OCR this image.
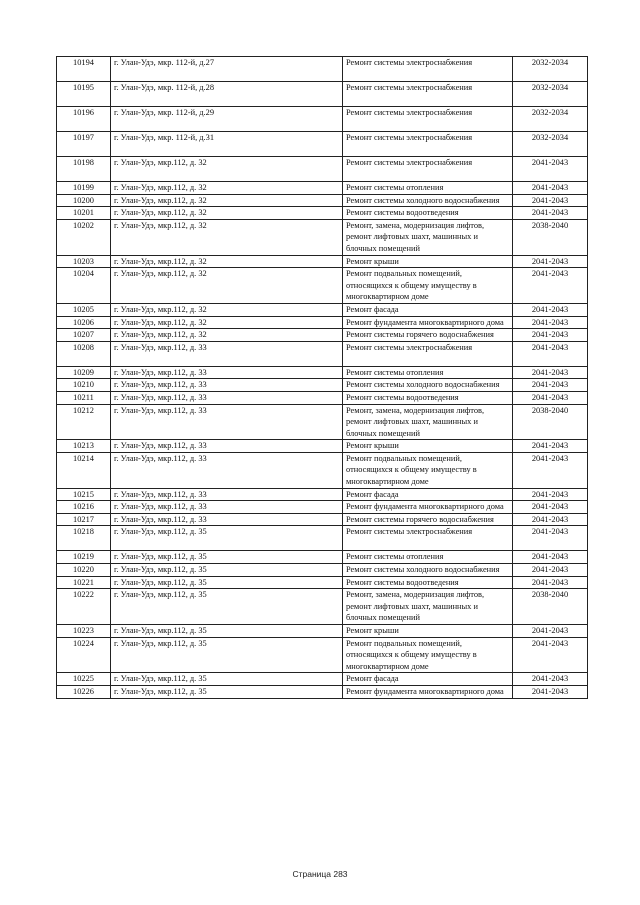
10194	г. Улан-Удэ, мкр. 112-й, д.27	Ремонт системы электроснабжения	2032-2034
10195	г. Улан-Удэ, мкр. 112-й, д.28	Ремонт системы электроснабжения	2032-2034
10196	г. Улан-Удэ, мкр. 112-й, д.29	Ремонт системы электроснабжения	2032-2034
10197	г. Улан-Удэ, мкр. 112-й, д.31	Ремонт системы электроснабжения	2032-2034
10198	г. Улан-Удэ, мкр.112, д. 32	Ремонт системы электроснабжения	2041-2043
10199	г. Улан-Удэ, мкр.112, д. 32	Ремонт системы отопления	2041-2043
10200	г. Улан-Удэ, мкр.112, д. 32	Ремонт системы холодного водоснабжения	2041-2043
10201	г. Улан-Удэ, мкр.112, д. 32	Ремонт системы водоотведения	2041-2043
10202	г. Улан-Удэ, мкр.112, д. 32	Ремонт, замена, модернизация лифтов, ремонт лифтовых шахт, машинных и блочных помещений	2038-2040
10203	г. Улан-Удэ, мкр.112, д. 32	Ремонт крыши	2041-2043
10204	г. Улан-Удэ, мкр.112, д. 32	Ремонт подвальных помещений, относящихся к общему имуществу в многоквартирном доме	2041-2043
10205	г. Улан-Удэ, мкр.112, д. 32	Ремонт фасада	2041-2043
10206	г. Улан-Удэ, мкр.112, д. 32	Ремонт фундамента многоквартирного дома	2041-2043
10207	г. Улан-Удэ, мкр.112, д. 32	Ремонт системы горячего водоснабжения	2041-2043
10208	г. Улан-Удэ, мкр.112, д. 33	Ремонт системы электроснабжения	2041-2043
10209	г. Улан-Удэ, мкр.112, д. 33	Ремонт системы отопления	2041-2043
10210	г. Улан-Удэ, мкр.112, д. 33	Ремонт системы холодного водоснабжения	2041-2043
10211	г. Улан-Удэ, мкр.112, д. 33	Ремонт системы водоотведения	2041-2043
10212	г. Улан-Удэ, мкр.112, д. 33	Ремонт, замена, модернизация лифтов, ремонт лифтовых шахт, машинных и блочных помещений	2038-2040
10213	г. Улан-Удэ, мкр.112, д. 33	Ремонт крыши	2041-2043
10214	г. Улан-Удэ, мкр.112, д. 33	Ремонт подвальных помещений, относящихся к общему имуществу в многоквартирном доме	2041-2043
10215	г. Улан-Удэ, мкр.112, д. 33	Ремонт фасада	2041-2043
10216	г. Улан-Удэ, мкр.112, д. 33	Ремонт фундамента многоквартирного дома	2041-2043
10217	г. Улан-Удэ, мкр.112, д. 33	Ремонт системы горячего водоснабжения	2041-2043
10218	г. Улан-Удэ, мкр.112, д. 35	Ремонт системы электроснабжения	2041-2043
10219	г. Улан-Удэ, мкр.112, д. 35	Ремонт системы отопления	2041-2043
10220	г. Улан-Удэ, мкр.112, д. 35	Ремонт системы холодного водоснабжения	2041-2043
10221	г. Улан-Удэ, мкр.112, д. 35	Ремонт системы водоотведения	2041-2043
10222	г. Улан-Удэ, мкр.112, д. 35	Ремонт, замена, модернизация лифтов, ремонт лифтовых шахт, машинных и блочных помещений	2038-2040
10223	г. Улан-Удэ, мкр.112, д. 35	Ремонт крыши	2041-2043
10224	г. Улан-Удэ, мкр.112, д. 35	Ремонт подвальных помещений, относящихся к общему имуществу в многоквартирном доме	2041-2043
10225	г. Улан-Удэ, мкр.112, д. 35	Ремонт фасада	2041-2043
10226	г. Улан-Удэ, мкр.112, д. 35	Ремонт фундамента многоквартирного дома	2041-2043
Страница 283
